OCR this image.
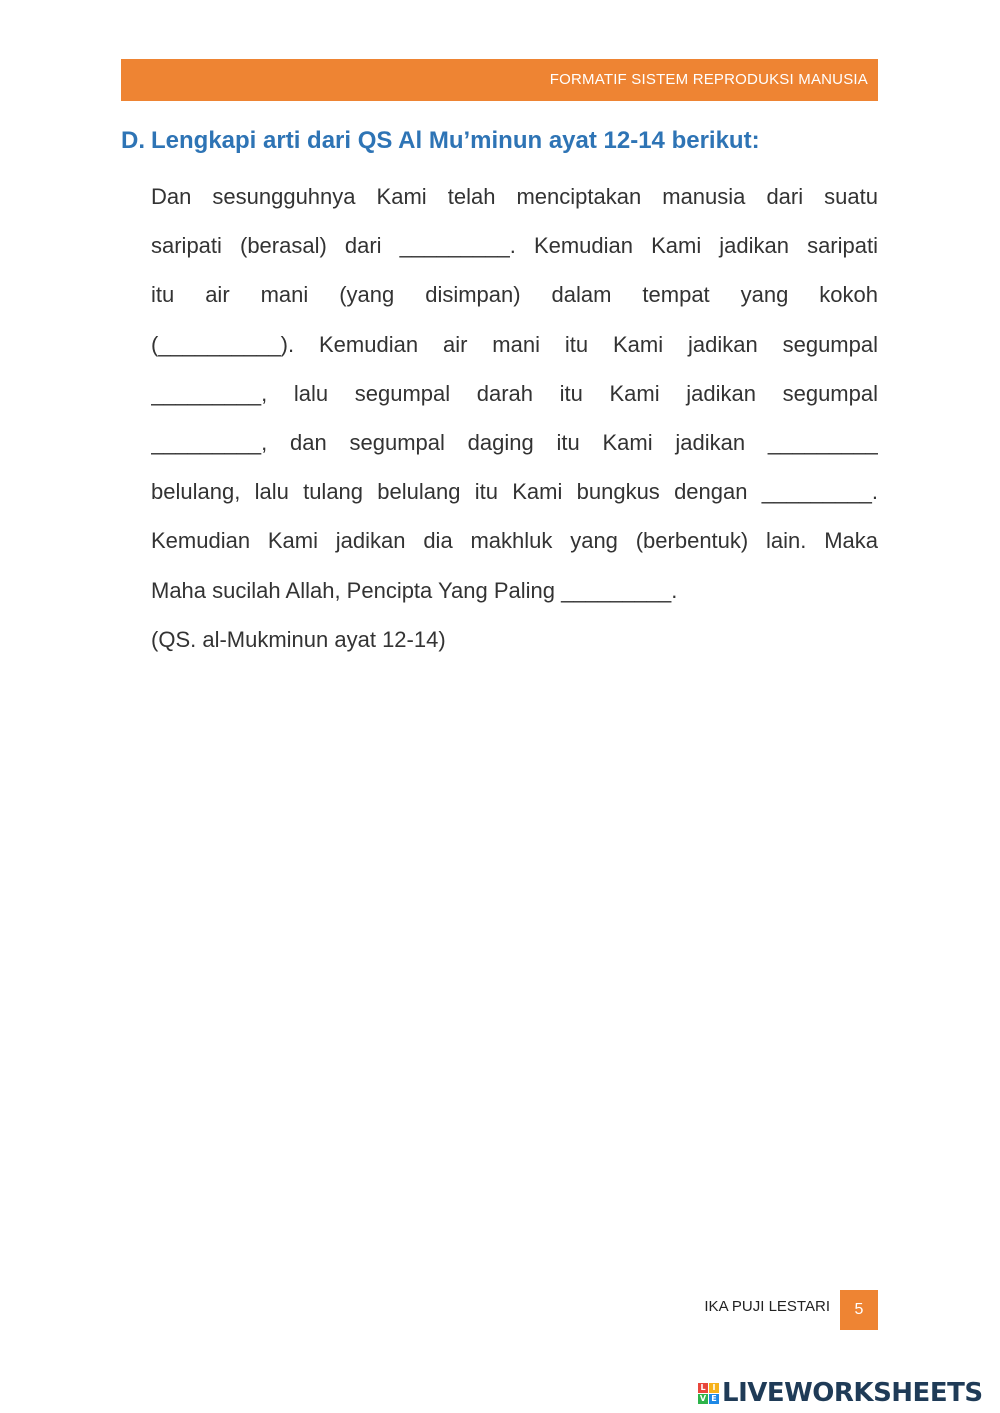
FORMATIF SISTEM REPRODUKSI MANUSIA
D. Lengkapi arti dari QS Al Mu’minun ayat 12-14 berikut:
Dan sesungguhnya Kami telah menciptakan manusia dari suatu
saripati (berasal) dari _________. Kemudian Kami jadikan saripati
itu air mani (yang disimpan) dalam tempat yang kokoh
(__________). Kemudian air mani itu Kami jadikan segumpal
_________, lalu segumpal darah itu Kami jadikan segumpal
_________, dan segumpal daging itu Kami jadikan _________
belulang, lalu tulang belulang itu Kami bungkus dengan _________.
Kemudian Kami jadikan dia makhluk yang (berbentuk) lain. Maka
Maha sucilah Allah, Pencipta Yang Paling _________.
(QS. al-Mukminun ayat 12-14)
IKA PUJI LESTARI	5
L I
V E LIVEWORKSHEETS
